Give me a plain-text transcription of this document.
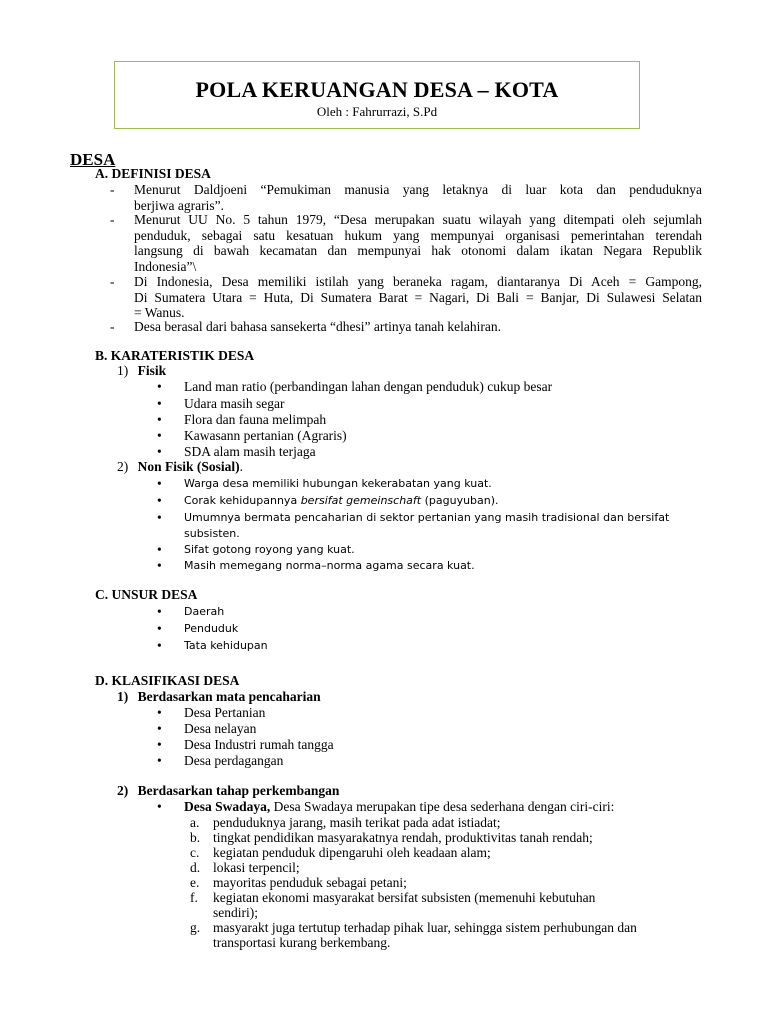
POLA KERUANGAN DESA – KOTA
Oleh : Fahrurrazi, S.Pd
DESA
A. DEFINISI DESA
- Menurut Daldjoeni “Pemukiman manusia yang letaknya di luar kota dan penduduknya
berjiwa agraris”.
- Menurut UU No. 5 tahun 1979, “Desa merupakan suatu wilayah yang ditempati oleh sejumlah
penduduk, sebagai satu kesatuan hukum yang mempunyai organisasi pemerintahan terendah
langsung di bawah kecamatan dan mempunyai hak otonomi dalam ikatan Negara Republik
Indonesia”\
- Di Indonesia, Desa memiliki istilah yang beraneka ragam, diantaranya Di Aceh = Gampong,
Di Sumatera Utara = Huta, Di Sumatera Barat = Nagari, Di Bali = Banjar, Di Sulawesi Selatan
= Wanus.
- Desa berasal dari bahasa sansekerta “dhesi” artinya tanah kelahiran.
B. KARATERISTIK DESA
1) Fisik
•	Land man ratio (perbandingan lahan dengan penduduk) cukup besar
•	Udara masih segar
•	Flora dan fauna melimpah
•	Kawasann pertanian (Agraris)
•	SDA alam masih terjaga
2) Non Fisik (Sosial).
•	Warga desa memiliki hubungan kekerabatan yang kuat.
•	Corak kehidupannya bersifat gemeinschaft (paguyuban).
•	Umumnya bermata pencaharian di sektor pertanian yang masih tradisional dan bersifat
subsisten.
•	Sifat gotong royong yang kuat.
•	Masih memegang norma–norma agama secara kuat.
C. UNSUR DESA
•	Daerah
•	Penduduk
•	Tata kehidupan
D. KLASIFIKASI DESA
1) Berdasarkan mata pencaharian
•	Desa Pertanian
•	Desa nelayan
•	Desa Industri rumah tangga
•	Desa perdagangan
2) Berdasarkan tahap perkembangan
•	Desa Swadaya, Desa Swadaya merupakan tipe desa sederhana dengan ciri-ciri:
a. penduduknya jarang, masih terikat pada adat istiadat;
b. tingkat pendidikan masyarakatnya rendah, produktivitas tanah rendah;
c. kegiatan penduduk dipengaruhi oleh keadaan alam;
d. lokasi terpencil;
e. mayoritas penduduk sebagai petani;
f. kegiatan ekonomi masyarakat bersifat subsisten (memenuhi kebutuhan
sendiri);
g. masyarakt juga tertutup terhadap pihak luar, sehingga sistem perhubungan dan
transportasi kurang berkembang.
